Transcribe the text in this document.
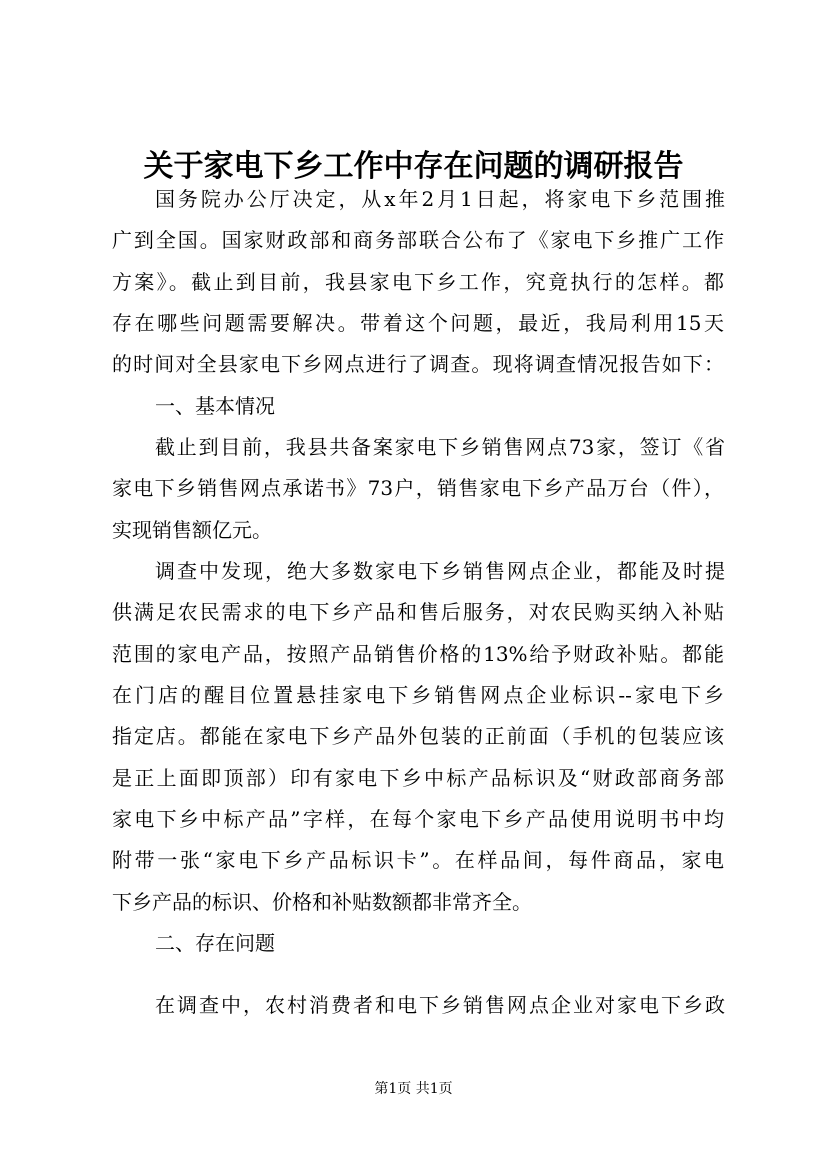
关于家电下乡工作中存在问题的调研报告

国务院办公厅决定，从x年2月1日起，将家电下乡范围推

广到全国。国家财政部和商务部联合公布了《家电下乡推广工作

方案》。截止到目前，我县家电下乡工作，究竟执行的怎样。都

存在哪些问题需要解决。带着这个问题，最近，我局利用15天

的时间对全县家电下乡网点进行了调查。现将调查情况报告如下：

一、基本情况

截止到目前，我县共备案家电下乡销售网点73家，签订《省

家电下乡销售网点承诺书》73户，销售家电下乡产品万台（件），

实现销售额亿元。

调查中发现，绝大多数家电下乡销售网点企业，都能及时提

供满足农民需求的电下乡产品和售后服务，对农民购买纳入补贴

范围的家电产品，按照产品销售价格的13%给予财政补贴。都能

在门店的醒目位置悬挂家电下乡销售网点企业标识--家电下乡

指定店。都能在家电下乡产品外包装的正前面（手机的包装应该

是正上面即顶部）印有家电下乡中标产品标识及“财政部商务部

家电下乡中标产品”字样，在每个家电下乡产品使用说明书中均

附带一张“家电下乡产品标识卡”。在样品间，每件商品，家电

下乡产品的标识、价格和补贴数额都非常齐全。

二、存在问题

在调查中，农村消费者和电下乡销售网点企业对家电下乡政

第1页 共1页
